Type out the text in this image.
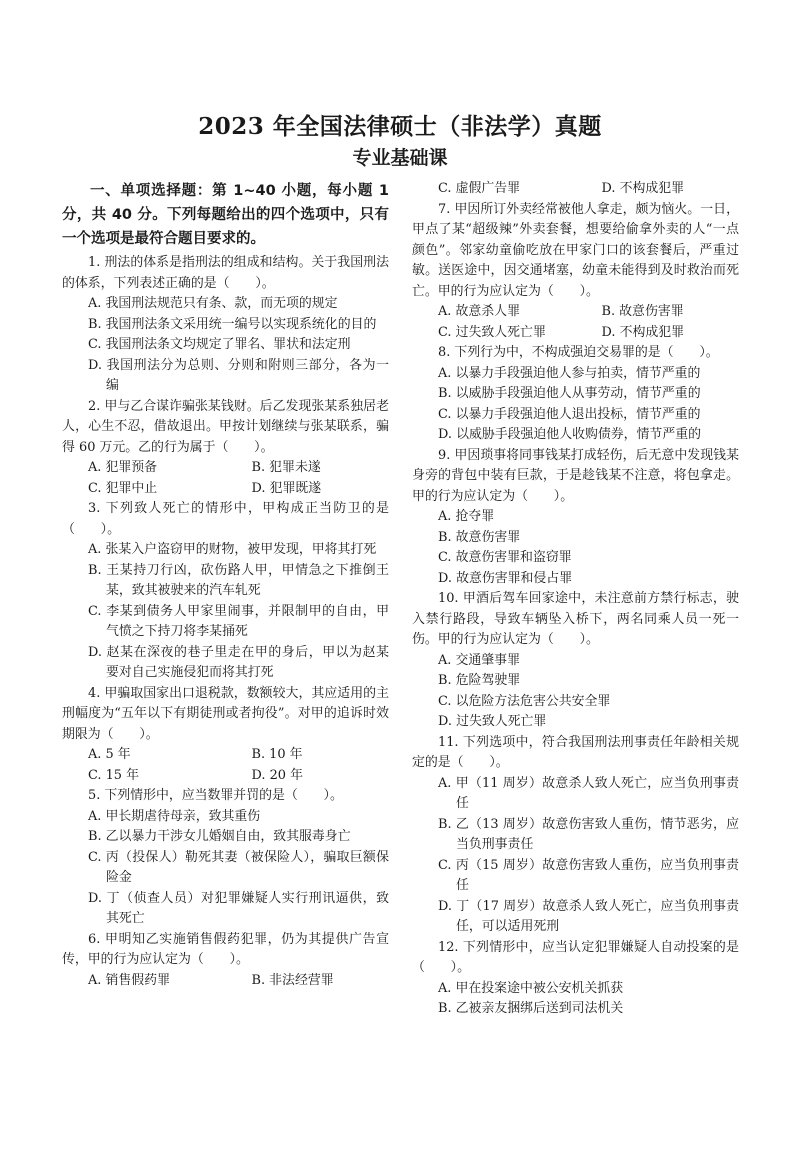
2023 年全国法律硕士（非法学）真题
专业基础课
一、单项选择题：第 1~40 小题，每小题 1 分，共 40 分。下列每题给出的四个选项中，只有一个选项是最符合题目要求的。
1. 刑法的体系是指刑法的组成和结构。关于我国刑法的体系，下列表述正确的是（　　）。
A. 我国刑法规范只有条、款，而无项的规定
B. 我国刑法条文采用统一编号以实现系统化的目的
C. 我国刑法条文均规定了罪名、罪状和法定刑
D. 我国刑法分为总则、分则和附则三部分，各为一编
2. 甲与乙合谋诈骗张某钱财。后乙发现张某系独居老人，心生不忍，借故退出。甲按计划继续与张某联系，骗得 60 万元。乙的行为属于（　　）。
A. 犯罪预备	B. 犯罪未遂
C. 犯罪中止	D. 犯罪既遂
3. 下列致人死亡的情形中，甲构成正当防卫的是（　　）。
A. 张某入户盗窃甲的财物，被甲发现，甲将其打死
B. 王某持刀行凶，砍伤路人甲，甲情急之下推倒王某，致其被驶来的汽车轧死
C. 李某到债务人甲家里闹事，并限制甲的自由，甲气愤之下持刀将李某捅死
D. 赵某在深夜的巷子里走在甲的身后，甲以为赵某要对自己实施侵犯而将其打死
4. 甲骗取国家出口退税款，数额较大，其应适用的主刑幅度为“五年以下有期徒刑或者拘役”。对甲的追诉时效期限为（　　）。
A. 5 年	B. 10 年
C. 15 年	D. 20 年
5. 下列情形中，应当数罪并罚的是（　　）。
A. 甲长期虐待母亲，致其重伤
B. 乙以暴力干涉女儿婚姻自由，致其服毒身亡
C. 丙（投保人）勒死其妻（被保险人），骗取巨额保险金
D. 丁（侦查人员）对犯罪嫌疑人实行刑讯逼供，致其死亡
6. 甲明知乙实施销售假药犯罪，仍为其提供广告宣传，甲的行为应认定为（　　）。
A. 销售假药罪	B. 非法经营罪
C. 虚假广告罪	D. 不构成犯罪
7. 甲因所订外卖经常被他人拿走，颇为恼火。一日，甲点了某“超级辣”外卖套餐，想要给偷拿外卖的人“一点颜色”。邻家幼童偷吃放在甲家门口的该套餐后，严重过敏。送医途中，因交通堵塞，幼童未能得到及时救治而死亡。甲的行为应认定为（　　）。
A. 故意杀人罪	B. 故意伤害罪
C. 过失致人死亡罪	D. 不构成犯罪
8. 下列行为中，不构成强迫交易罪的是（　　）。
A. 以暴力手段强迫他人参与拍卖，情节严重的
B. 以威胁手段强迫他人从事劳动，情节严重的
C. 以暴力手段强迫他人退出投标，情节严重的
D. 以威胁手段强迫他人收购债券，情节严重的
9. 甲因琐事将同事钱某打成轻伤，后无意中发现钱某身旁的背包中装有巨款，于是趁钱某不注意，将包拿走。甲的行为应认定为（　　）。
A. 抢夺罪
B. 故意伤害罪
C. 故意伤害罪和盗窃罪
D. 故意伤害罪和侵占罪
10. 甲酒后驾车回家途中，未注意前方禁行标志，驶入禁行路段，导致车辆坠入桥下，两名同乘人员一死一伤。甲的行为应认定为（　　）。
A. 交通肇事罪
B. 危险驾驶罪
C. 以危险方法危害公共安全罪
D. 过失致人死亡罪
11. 下列选项中，符合我国刑法刑事责任年龄相关规定的是（　　）。
A. 甲（11 周岁）故意杀人致人死亡，应当负刑事责任
B. 乙（13 周岁）故意伤害致人重伤，情节恶劣，应当负刑事责任
C. 丙（15 周岁）故意伤害致人重伤，应当负刑事责任
D. 丁（17 周岁）故意杀人致人死亡，应当负刑事责任，可以适用死刑
12. 下列情形中，应当认定犯罪嫌疑人自动投案的是（　　）。
A. 甲在投案途中被公安机关抓获
B. 乙被亲友捆绑后送到司法机关
